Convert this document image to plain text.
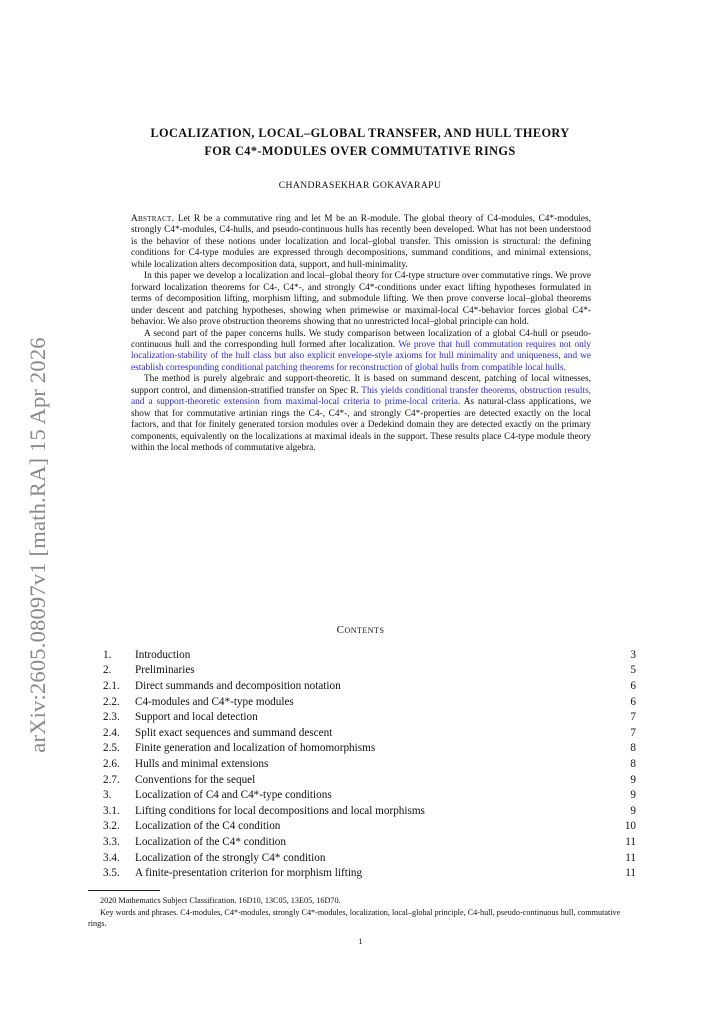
arXiv:2605.08097v1 [math.RA] 15 Apr 2026
LOCALIZATION, LOCAL–GLOBAL TRANSFER, AND HULL THEORY
FOR C4*-MODULES OVER COMMUTATIVE RINGS
CHANDRASEKHAR GOKAVARAPU

Abstract. Let R be a commutative ring and let M be an R-module. The global theory of C4-modules, C4*-modules, strongly C4*-modules, C4-hulls, and pseudo-continuous hulls has recently been developed. What has not been understood is the behavior of these notions under localization and local–global transfer. This omission is structural: the defining conditions for C4-type modules are expressed through decompositions, summand conditions, and minimal extensions, while localization alters decomposition data, support, and hull-minimality.

In this paper we develop a localization and local–global theory for C4-type structure over commutative rings. We prove forward localization theorems for C4-, C4*-, and strongly C4*-conditions under exact lifting hypotheses formulated in terms of decomposition lifting, morphism lifting, and submodule lifting. We then prove converse local–global theorems under descent and patching hypotheses, showing when primewise or maximal-local C4*-behavior forces global C4*-behavior. We also prove obstruction theorems showing that no unrestricted local–global principle can hold.

A second part of the paper concerns hulls. We study comparison between localization of a global C4-hull or pseudo-continuous hull and the corresponding hull formed after localization. We prove that hull commutation requires not only localization-stability of the hull class but also explicit envelope-style axioms for hull minimality and uniqueness, and we establish corresponding conditional patching theorems for reconstruction of global hulls from compatible local hulls.

The method is purely algebraic and support-theoretic. It is based on summand descent, patching of local witnesses, support control, and dimension-stratified transfer on Spec R. This yields conditional transfer theorems, obstruction results, and a support-theoretic extension from maximal-local criteria to prime-local criteria. As natural-class applications, we show that for commutative artinian rings the C4-, C4*-, and strongly C4*-properties are detected exactly on the local factors, and that for finitely generated torsion modules over a Dedekind domain they are detected exactly on the primary components, equivalently on the localizations at maximal ideals in the support. These results place C4-type module theory within the local methods of commutative algebra.

Contents
1.	Introduction	3
2.	Preliminaries	5
2.1.	Direct summands and decomposition notation	6
2.2.	C4-modules and C4*-type modules	6
2.3.	Support and local detection	7
2.4.	Split exact sequences and summand descent	7
2.5.	Finite generation and localization of homomorphisms	8
2.6.	Hulls and minimal extensions	8
2.7.	Conventions for the sequel	9
3.	Localization of C4 and C4*-type conditions	9
3.1.	Lifting conditions for local decompositions and local morphisms	9
3.2.	Localization of the C4 condition	10
3.3.	Localization of the C4* condition	11
3.4.	Localization of the strongly C4* condition	11
3.5.	A finite-presentation criterion for morphism lifting	11
2020 Mathematics Subject Classification. 16D10, 13C05, 13E05, 16D70.
Key words and phrases. C4-modules, C4*-modules, strongly C4*-modules, localization, local–global principle, C4-hull, pseudo-continuous hull, commutative rings.
1
